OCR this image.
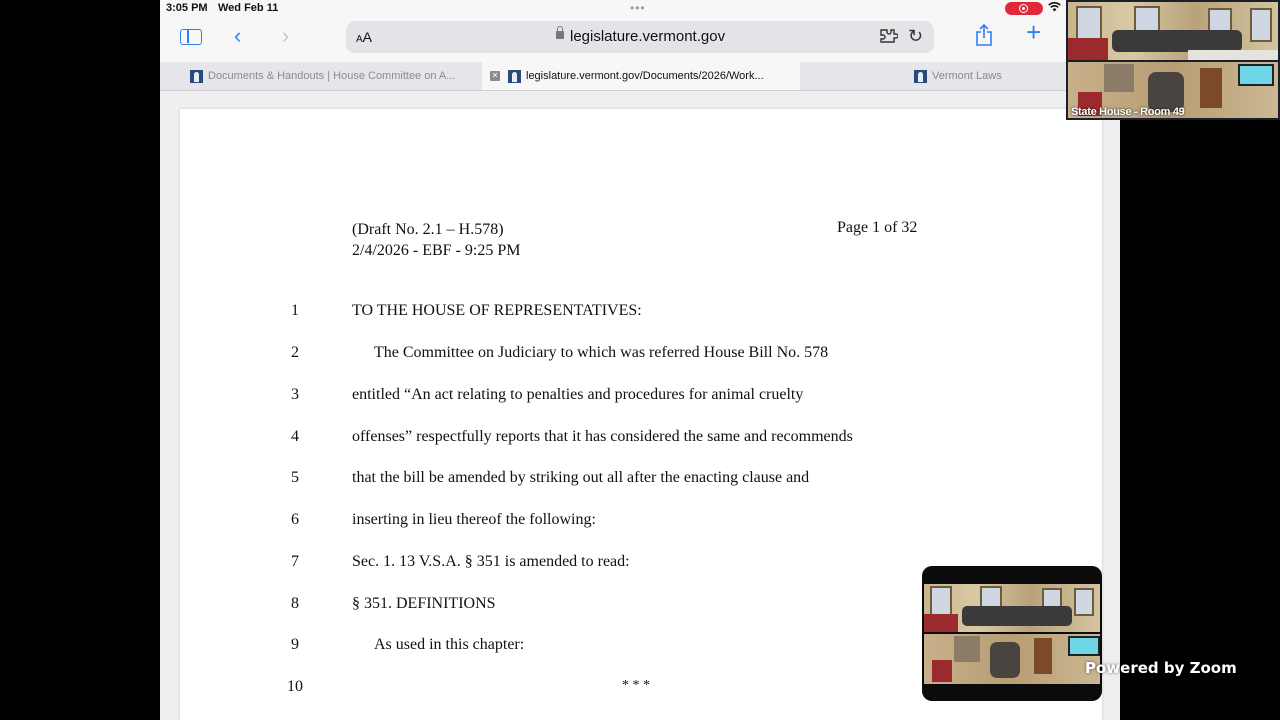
3:05 PM Wed Feb 11	•••
‹ ›	AA	legislature.vermont.gov	↻	+
Documents & Handouts | House Committee on A...	✕	legislature.vermont.gov/Documents/2026/Work...	Vermont Laws
(Draft No. 2.1 – H.578)
2/4/2026 - EBF - 9:25 PM
Page 1 of 32
1	TO THE HOUSE OF REPRESENTATIVES:
2	The Committee on Judiciary to which was referred House Bill No. 578
3	entitled “An act relating to penalties and procedures for animal cruelty
4	offenses” respectfully reports that it has considered the same and recommends
5	that the bill be amended by striking out all after the enacting clause and
6	inserting in lieu thereof the following:
7	Sec. 1. 13 V.S.A. § 351 is amended to read:
8	§ 351. DEFINITIONS
9	As used in this chapter:
10	* * *
State House - Room 49
Powered by Zoom
